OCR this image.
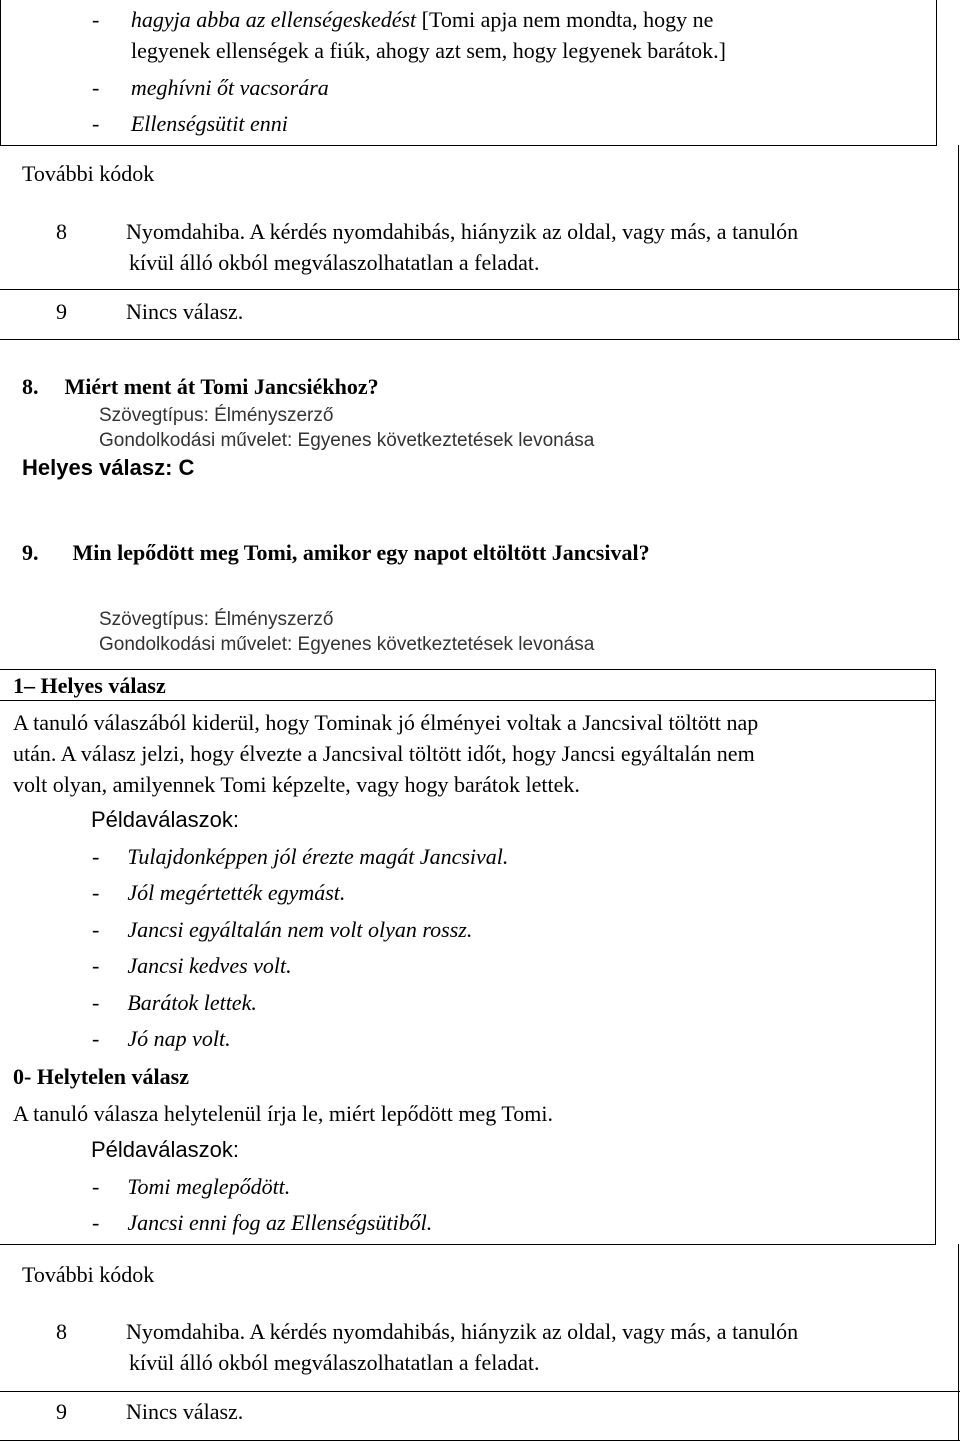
- hagyja abba az ellenségeskedést [Tomi apja nem mondta, hogy ne
legyenek ellenségek a fiúk, ahogy azt sem, hogy legyenek barátok.]
- meghívni őt vacsorára
- Ellenségsütit enni
További kódok
8	Nyomdahiba. A kérdés nyomdahibás, hiányzik az oldal, vagy más, a tanulón
kívül álló okból megválaszolhatatlan a feladat.
9	Nincs válasz.
8. Miért ment át Tomi Jancsiékhoz?
Szövegtípus: Élményszerző
Gondolkodási művelet: Egyenes következtetések levonása
Helyes válasz: C
9. Min lepődött meg Tomi, amikor egy napot eltöltött Jancsival?
Szövegtípus: Élményszerző
Gondolkodási művelet: Egyenes következtetések levonása
1– Helyes válasz
A tanuló válaszából kiderül, hogy Tominak jó élményei voltak a Jancsival töltött nap
után. A válasz jelzi, hogy élvezte a Jancsival töltött időt, hogy Jancsi egyáltalán nem
volt olyan, amilyennek Tomi képzelte, vagy hogy barátok lettek.
Példaválaszok:
- Tulajdonképpen jól érezte magát Jancsival.
- Jól megértették egymást.
- Jancsi egyáltalán nem volt olyan rossz.
- Jancsi kedves volt.
- Barátok lettek.
- Jó nap volt.
0- Helytelen válasz
A tanuló válasza helytelenül írja le, miért lepődött meg Tomi.
Példaválaszok:
- Tomi meglepődött.
- Jancsi enni fog az Ellenségsütiből.
További kódok
8	Nyomdahiba. A kérdés nyomdahibás, hiányzik az oldal, vagy más, a tanulón
kívül álló okból megválaszolhatatlan a feladat.
9	Nincs válasz.
